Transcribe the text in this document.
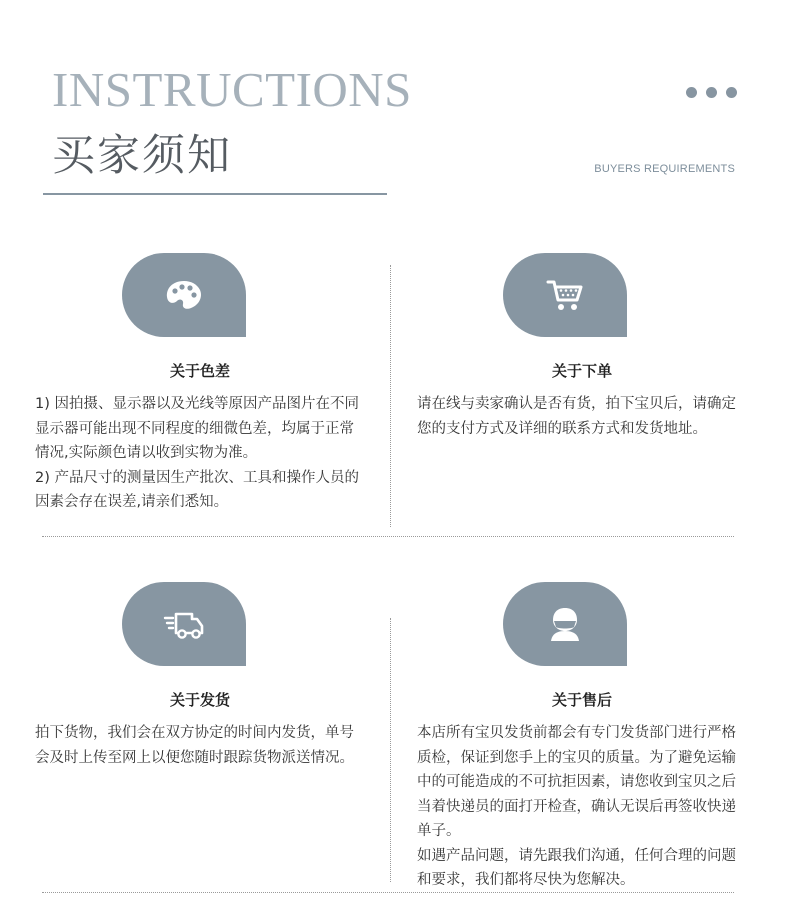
INSTRUCTIONS
买家须知	BUYERS REQUIREMENTS
关于色差

1) 因拍摄、显示器以及光线等原因产品图片在不同显示器可能出现不同程度的细微色差，均属于正常情况,实际颜色请以收到实物为准。

2) 产品尺寸的测量因生产批次、工具和操作人员的因素会存在误差,请亲们悉知。

关于下单

请在线与卖家确认是否有货，拍下宝贝后，请确定您的支付方式及详细的联系方式和发货地址。

关于发货

拍下货物，我们会在双方协定的时间内发货，单号会及时上传至网上以便您随时跟踪货物派送情况。

关于售后

本店所有宝贝发货前都会有专门发货部门进行严格质检，保证到您手上的宝贝的质量。为了避免运输中的可能造成的不可抗拒因素，请您收到宝贝之后当着快递员的面打开检查，确认无误后再签收快递单子。

如遇产品问题，请先跟我们沟通，任何合理的问题和要求，我们都将尽快为您解决。
